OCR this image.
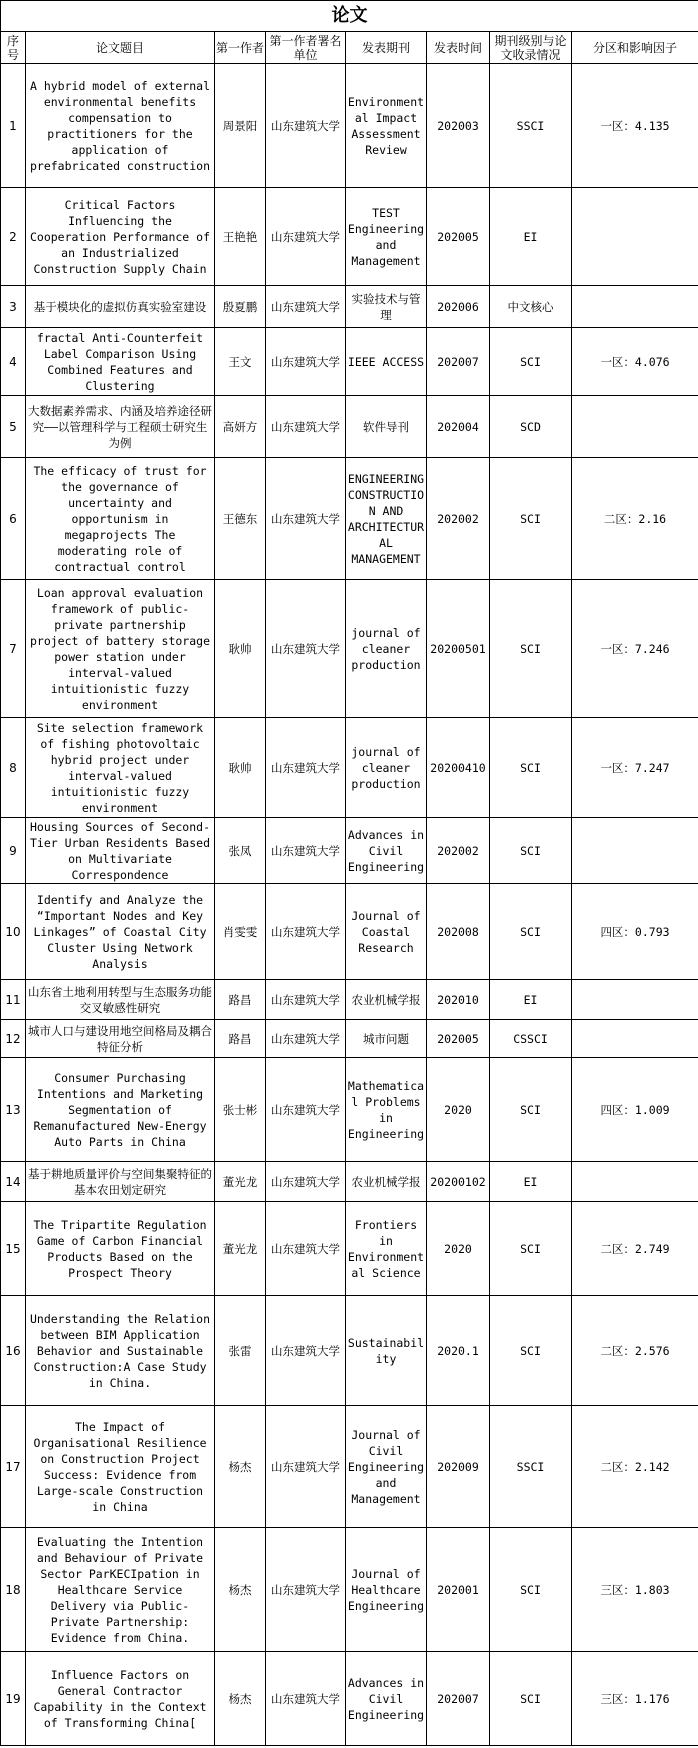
论文							
序号	论文题目	第一作者	第一作者署名单位	发表期刊	发表时间	期刊级别与论文收录情况	分区和影响因子
1	A hybrid model of external environmental benefits compensation to practitioners for the application of prefabricated construction	周景阳	山东建筑大学	Environmental Impact Assessment Review	202003	SSCI	一区：4.135
2	Critical Factors Influencing the Cooperation Performance of an Industrialized Construction Supply Chain	王艳艳	山东建筑大学	TEST Engineering and Management	202005	EI	
3	基于模块化的虚拟仿真实验室建设	殷夏鹏	山东建筑大学	实验技术与管理	202006	中文核心	
4	fractal Anti-Counterfeit Label Comparison Using Combined Features and Clustering	王文	山东建筑大学	IEEE ACCESS	202007	SCI	一区：4.076
5	大数据素养需求、内涵及培养途径研究——以管理科学与工程硕士研究生为例	高妍方	山东建筑大学	软件导刊	202004	SCD	
6	The efficacy of trust for the governance of uncertainty and opportunism in megaprojects The moderating role of contractual control	王德东	山东建筑大学	ENGINEERING CONSTRUCTION AND ARCHITECTURAL MANAGEMENT	202002	SCI	二区：2.16
7	Loan approval evaluation framework of public-private partnership project of battery storage power station under interval-valued intuitionistic fuzzy environment	耿帅	山东建筑大学	journal of cleaner production	20200501	SCI	一区：7.246
8	Site selection framework of fishing photovoltaic hybrid project under interval-valued intuitionistic fuzzy environment	耿帅	山东建筑大学	journal of cleaner production	20200410	SCI	一区：7.247
9	Housing Sources of Second-Tier Urban Residents Based on Multivariate Correspondence	张凤	山东建筑大学	Advances in Civil Engineering	202002	SCI	
10	Identify and Analyze the “Important Nodes and Key Linkages” of Coastal City Cluster Using Network Analysis	肖雯雯	山东建筑大学	Journal of Coastal Research	202008	SCI	四区：0.793
11	山东省土地利用转型与生态服务功能交叉敏感性研究	路昌	山东建筑大学	农业机械学报	202010	EI	
12	城市人口与建设用地空间格局及耦合特征分析	路昌	山东建筑大学	城市问题	202005	CSSCI	
13	Consumer Purchasing Intentions and Marketing Segmentation of Remanufactured New-Energy Auto Parts in China	张士彬	山东建筑大学	Mathematical Problems in Engineering	2020	SCI	四区：1.009
14	基于耕地质量评价与空间集聚特征的基本农田划定研究	董光龙	山东建筑大学	农业机械学报	20200102	EI	
15	The Tripartite Regulation Game of Carbon Financial Products Based on the Prospect Theory	董光龙	山东建筑大学	Frontiers in Environmental Science	2020	SCI	二区：2.749
16	Understanding the Relation between BIM Application Behavior and Sustainable Construction:A Case Study in China.	张雷	山东建筑大学	Sustainability	2020.1	SCI	二区：2.576
17	The Impact of Organisational Resilience on Construction Project Success: Evidence from Large-scale Construction in China	杨杰	山东建筑大学	Journal of Civil Engineering and Management	202009	SSCI	二区：2.142
18	Evaluating the Intention and Behaviour of Private Sector ParKECIpation in Healthcare Service Delivery via Public-Private Partnership: Evidence from China.	杨杰	山东建筑大学	Journal of Healthcare Engineering	202001	SCI	三区：1.803
19	Influence Factors on General Contractor Capability in the Context of Transforming China[	杨杰	山东建筑大学	Advances in Civil Engineering	202007	SCI	三区：1.176
